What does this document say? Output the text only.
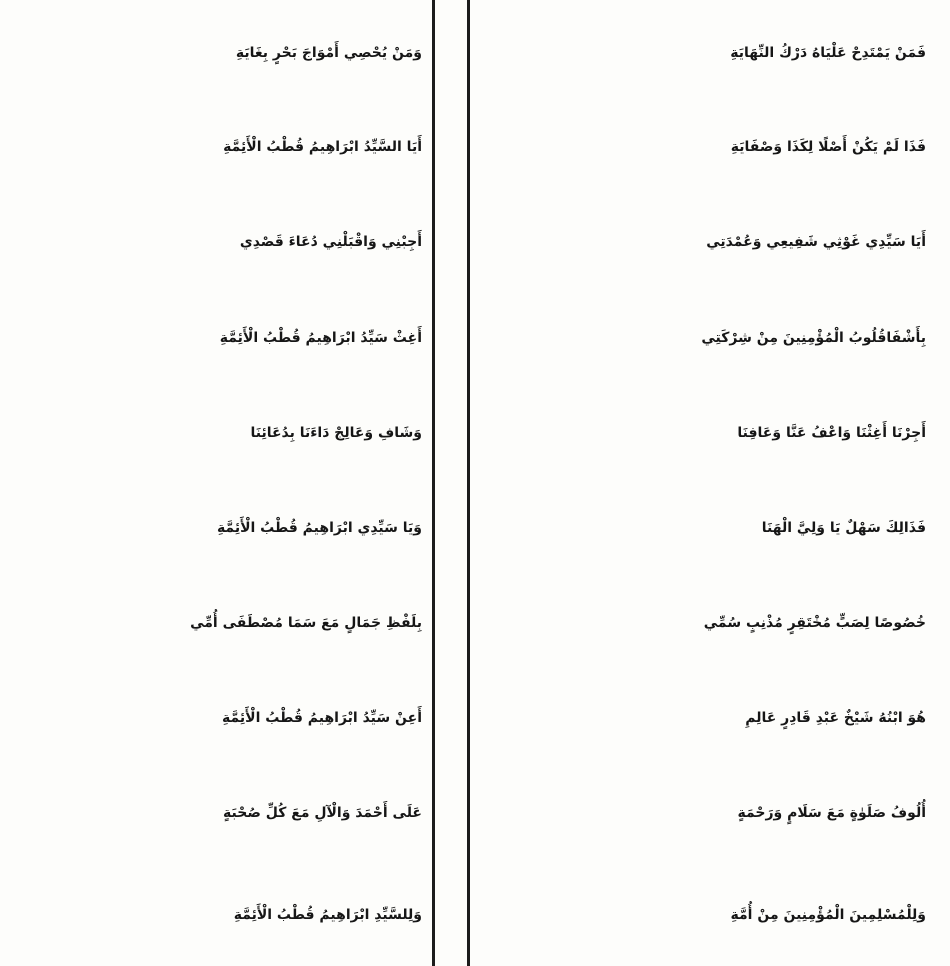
فَمَنْ يَمْتَدِحْ عَلْيَاهُ دَرْكُ النِّهَايَةِ
فَذَا لَمْ يَكُنْ أَصْلًا لِكَذَا وَصْفَايَةِ
أَيَا سَيِّدِي غَوْثِي شَفِيعِي وَعُمْدَتِي
بِأَشْفَاقُلُوبُ الْمُؤْمِنِينَ مِنْ شِرْكَتِي
أَجِرْنَا أَغِثْنَا وَاعْفُ عَنَّا وَعَافِنَا
فَذَالِكَ سَهْلٌ يَا وَلِيَّ الْهَنَا
خُصُوصًا لِصَبٍّ مُخْتَقِرٍ مُذْنِبٍ سُمِّي
هُوَ ابْنُهُ شَيْخٌ عَبْدِ قَادِرٍ عَالِمِ
أُلُوفُ صَلَوٰةٍ مَعَ سَلَامٍ وَرَحْمَةٍ
وَلِلْمُسْلِمِينَ الْمُؤْمِنِينَ مِنْ أُمَّةِ
وَمَنْ يُحْصِي أَمْوَاجَ بَحْرٍ بِغَايَةِ
أَيَا السَّيِّدُ ابْرَاهِيمُ قُطْبُ الْأَئِمَّةِ
أَجِبْنِي وَاقْبَلْنِي دُعَاءَ قَصْدِي
أَغِثْ سَيِّدُ ابْرَاهِيمُ قُطْبُ الْأَئِمَّةِ
وَشَافِ وَعَالِجْ دَاءَنَا بِدُعَائِنَا
وَيَا سَيِّدِي ابْرَاهِيمُ قُطْبُ الْأَئِمَّةِ
بِلَفْظِ جَمَالٍ مَعَ سَمَا مُصْطَفَى أُمِّي
أَعِنْ سَيِّدُ ابْرَاهِيمُ قُطْبُ الْأَئِمَّةِ
عَلَى أَحْمَدَ وَالْآلِ مَعَ كُلِّ صُحْبَةٍ
وَلِلسَّيِّدِ ابْرَاهِيمُ قُطْبُ الْأَئِمَّةِ
